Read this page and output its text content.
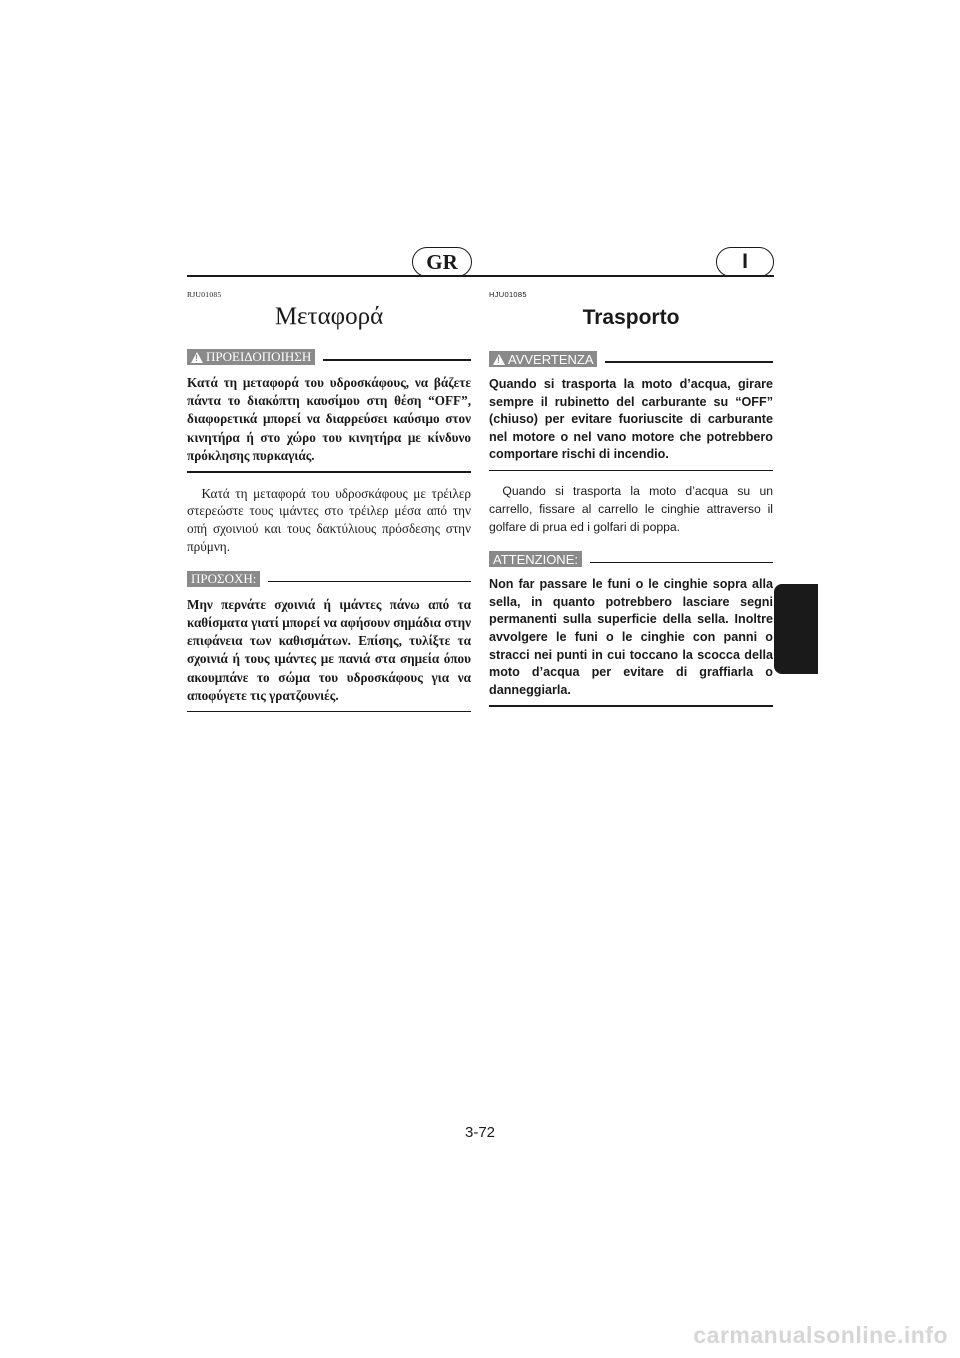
GR	I
RJU01085
Μεταφορά
! ΠΡΟΕΙΔΟΠΟΙΗΣΗ
Κατά τη μεταφορά του υδροσκάφους, να βάζετε πάντα το διακόπτη καυσίμου στη θέση “OFF”, διαφορετικά μπορεί να διαρρεύσει καύσιμο στον κινητήρα ή στο χώρο του κινητήρα με κίνδυνο πρόκλησης πυρκαγιάς.

Κατά τη μεταφορά του υδροσκάφους με τρέιλερ στερεώστε τους ιμάντες στο τρέιλερ μέσα από την οπή σχοινιού και τους δακτύλιους πρόσδεσης στην πρύμνη.

ΠΡΟΣΟΧΗ:
Μην περνάτε σχοινιά ή ιμάντες πάνω από τα καθίσματα γιατί μπορεί να αφήσουν σημάδια στην επιφάνεια των καθισμάτων. Επίσης, τυλίξτε τα σχοινιά ή τους ιμάντες με πανιά στα σημεία όπου ακουμπάνε το σώμα του υδροσκάφους για να αποφύγετε τις γρατζουνιές.
HJU01085
Trasporto
! AVVERTENZA
Quando si trasporta la moto d’acqua, girare sempre il rubinetto del carburante su “OFF” (chiuso) per evitare fuoriuscite di carburante nel motore o nel vano motore che potrebbero comportare rischi di incendio.

Quando si trasporta la moto d’acqua su un carrello, fissare al carrello le cinghie attraverso il golfare di prua ed i golfari di poppa.

ATTENZIONE:
Non far passare le funi o le cinghie sopra alla sella, in quanto potrebbero lasciare segni permanenti sulla superficie della sella. Inoltre avvolgere le funi o le cinghie con panni o stracci nei punti in cui toccano la scocca della moto d’acqua per evitare di graffiarla o danneggiarla.
3-72
carmanualsonline.info
